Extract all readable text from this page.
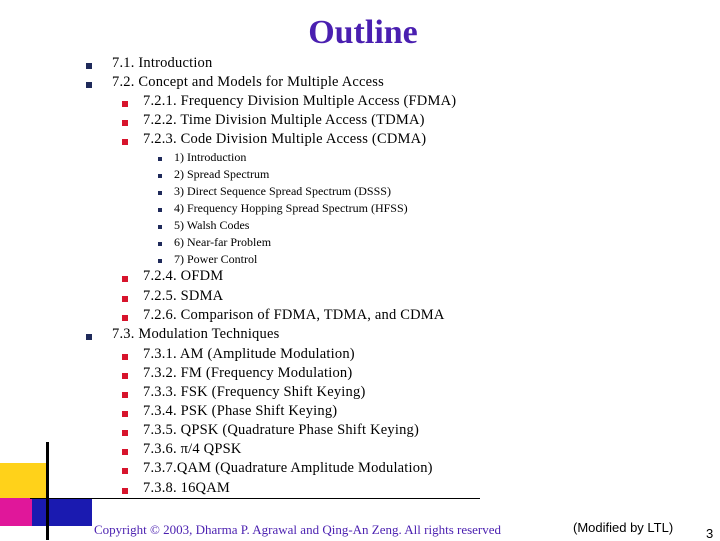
Outline
7.1. Introduction
7.2. Concept and Models for Multiple Access
7.2.1. Frequency Division Multiple Access (FDMA)
7.2.2. Time Division Multiple Access (TDMA)
7.2.3. Code Division Multiple Access (CDMA)
1) Introduction
2) Spread Spectrum
3) Direct Sequence Spread Spectrum (DSSS)
4) Frequency Hopping Spread Spectrum (HFSS)
5) Walsh Codes
6) Near-far Problem
7) Power Control
7.2.4. OFDM
7.2.5. SDMA
7.2.6. Comparison of FDMA, TDMA, and CDMA
7.3. Modulation Techniques
7.3.1. AM (Amplitude Modulation)
7.3.2. FM (Frequency Modulation)
7.3.3. FSK (Frequency Shift Keying)
7.3.4. PSK (Phase Shift Keying)
7.3.5. QPSK (Quadrature Phase Shift Keying)
7.3.6. π/4 QPSK
7.3.7.QAM (Quadrature Amplitude Modulation)
7.3.8. 16QAM
Copyright © 2003, Dharma P. Agrawal and Qing-An Zeng. All rights reserved	(Modified by LTL)	3
